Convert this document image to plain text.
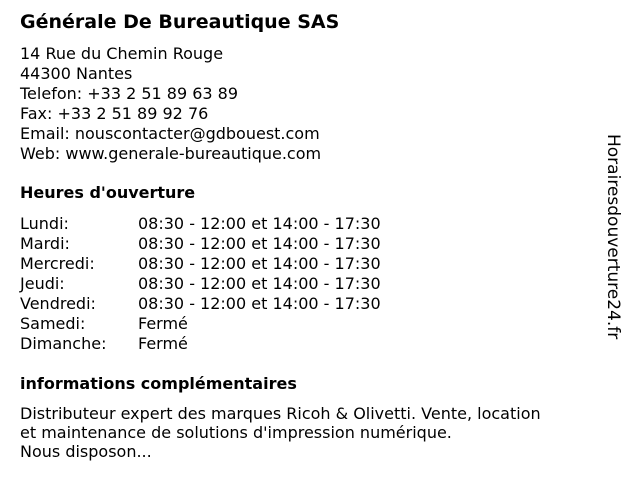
Générale De Bureautique SAS
14 Rue du Chemin Rouge
44300 Nantes
Telefon: +33 2 51 89 63 89
Fax: +33 2 51 89 92 76
Email: nouscontacter@gdbouest.com
Web: www.generale-bureautique.com
Heures d'ouverture
Lundi:	08:30 - 12:00 et 14:00 - 17:30
Mardi:	08:30 - 12:00 et 14:00 - 17:30
Mercredi:	08:30 - 12:00 et 14:00 - 17:30
Jeudi:	08:30 - 12:00 et 14:00 - 17:30
Vendredi:	08:30 - 12:00 et 14:00 - 17:30
Samedi:	Fermé
Dimanche: Fermé
informations complémentaires
Distributeur expert des marques Ricoh & Olivetti. Vente, location
et maintenance de solutions d'impression numérique.
Nous disposon...
Horairesdouverture24.fr
